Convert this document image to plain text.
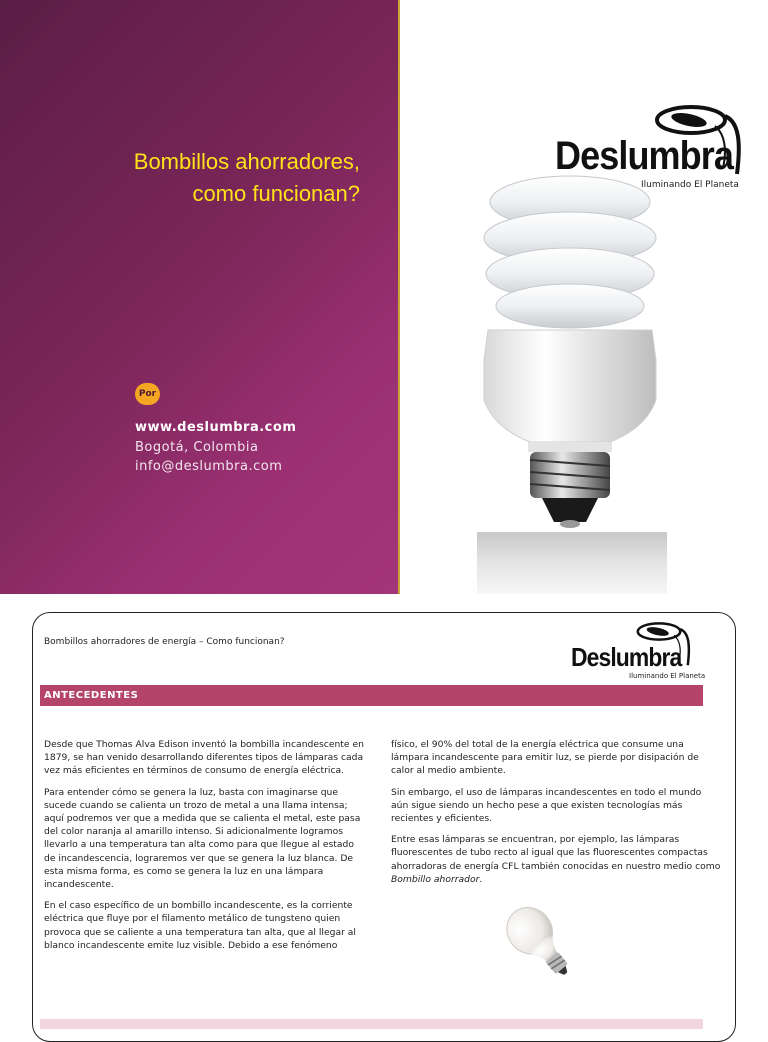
Bombillos ahorradores,
como funcionan?
Por
www.deslumbra.com
Bogotá, Colombia
info@deslumbra.com
Deslumbra
Iluminando El Planeta
Bombillos ahorradores de energía – Como funcionan?	Deslumbra
Iluminando El Planeta
ANTECEDENTES

Desde que Thomas Alva Edison inventó la bombilla incandescente en 1879, se han venido desarrollando diferentes tipos de lámparas cada vez más eficientes en términos de consumo de energía eléctrica.

Para entender cómo se genera la luz, basta con imaginarse que sucede cuando se calienta un trozo de metal a una llama intensa; aquí podremos ver que a medida que se calienta el metal, este pasa del color naranja al amarillo intenso. Si adicionalmente logramos llevarlo a una temperatura tan alta como para que llegue al estado de incandescencia, lograremos ver que se genera la luz blanca. De esta misma forma, es como se genera la luz en una lámpara incandescente.

En el caso específico de un bombillo incandescente, es la corriente eléctrica que fluye por el filamento metálico de tungsteno quien provoca que se caliente a una temperatura tan alta, que al llegar al blanco incandescente emite luz visible. Debido a ese fenómeno

físico, el 90% del total de la energía eléctrica que consume una lámpara incandescente para emitir luz, se pierde por disipación de calor al medio ambiente.

Sin embargo, el uso de lámparas incandescentes en todo el mundo aún sigue siendo un hecho pese a que existen tecnologías más recientes y eficientes.

Entre esas lámparas se encuentran, por ejemplo, las lámparas fluorescentes de tubo recto al igual que las fluorescentes compactas ahorradoras de energía CFL también conocidas en nuestro medio como Bombillo ahorrador.
